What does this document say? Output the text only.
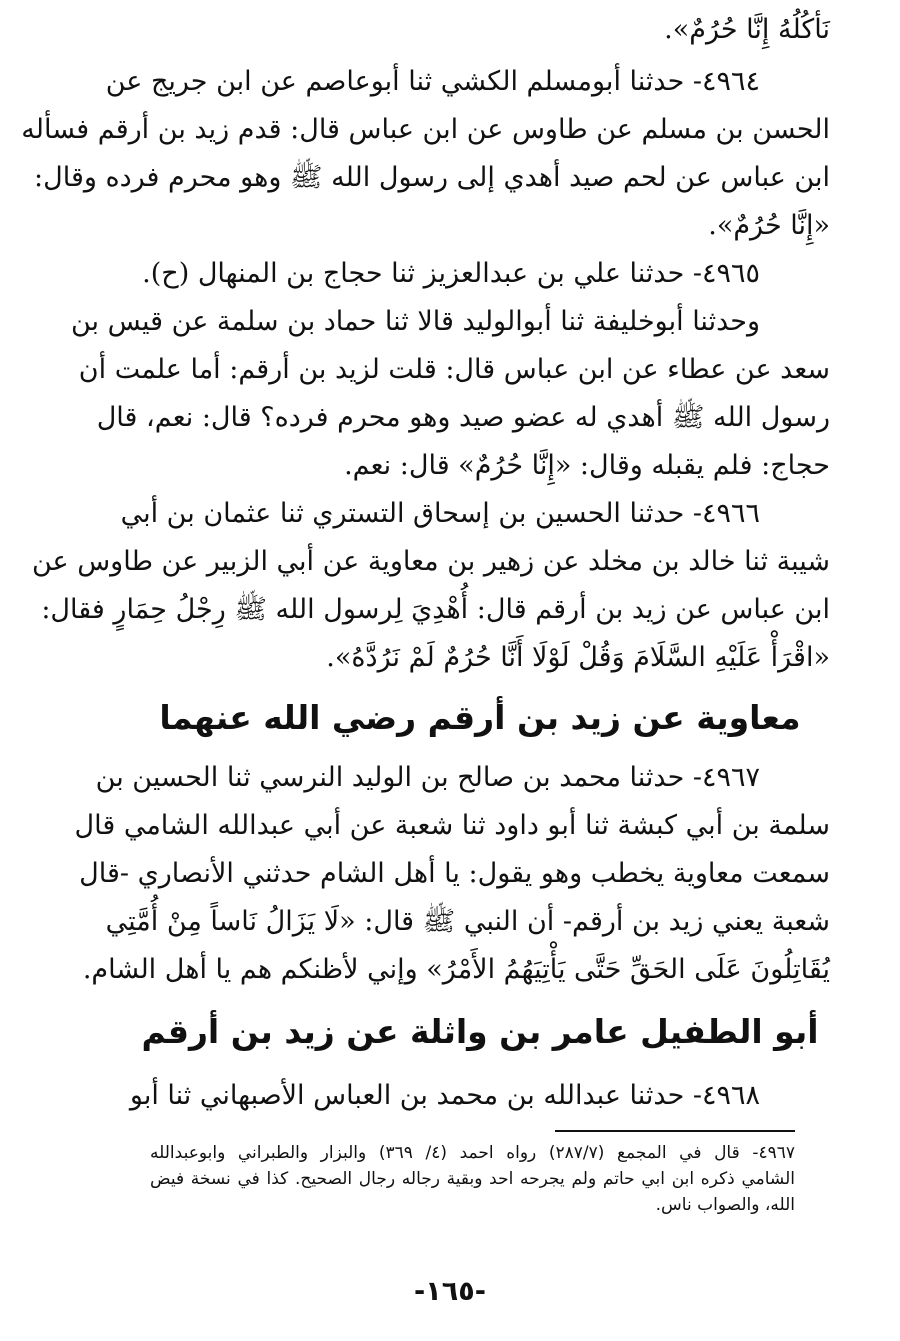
نَأكُلُهُ إِنَّا حُرُمٌ».
٤٩٦٤- حدثنا أبومسلم الكشي ثنا أبوعاصم عن ابن جريج عن
الحسن بن مسلم عن طاوس عن ابن عباس قال: قدم زيد بن أرقم فسأله
ابن عباس عن لحم صيد أهدي إلى رسول الله ﷺ وهو محرم فرده وقال:
«إِنَّا حُرُمٌ».
٤٩٦٥- حدثنا علي بن عبدالعزيز ثنا حجاج بن المنهال (ح).
وحدثنا أبوخليفة ثنا أبوالوليد قالا ثنا حماد بن سلمة عن قيس بن
سعد عن عطاء عن ابن عباس قال: قلت لزيد بن أرقم: أما علمت أن
رسول الله ﷺ أهدي له عضو صيد وهو محرم فرده؟ قال: نعم، قال
حجاج: فلم يقبله وقال: «إِنَّا حُرُمٌ» قال: نعم.
٤٩٦٦- حدثنا الحسين بن إسحاق التستري ثنا عثمان بن أبي
شيبة ثنا خالد بن مخلد عن زهير بن معاوية عن أبي الزبير عن طاوس عن
ابن عباس عن زيد بن أرقم قال: أُهْدِيَ لِرسول الله ﷺ رِجْلُ حِمَارٍ فقال:
«اقْرَأْ عَلَيْهِ السَّلَامَ وَقُلْ لَوْلَا أَنَّا حُرُمٌ لَمْ نَرُدَّهُ».
معاوية عن زيد بن أرقم رضي الله عنهما
٤٩٦٧- حدثنا محمد بن صالح بن الوليد النرسي ثنا الحسين بن
سلمة بن أبي كبشة ثنا أبو داود ثنا شعبة عن أبي عبدالله الشامي قال
سمعت معاوية يخطب وهو يقول: يا أهل الشام حدثني الأنصاري -قال
شعبة يعني زيد بن أرقم- أن النبي ﷺ قال: «لَا يَزَالُ نَاساً مِنْ أُمَّتِي
يُقَاتِلُونَ عَلَى الحَقِّ حَتَّى يَأْتِيَهُمُ الأَمْرُ» وإني لأظنكم هم يا أهل الشام.
أبو الطفيل عامر بن واثلة عن زيد بن أرقم
٤٩٦٨- حدثنا عبدالله بن محمد بن العباس الأصبهاني ثنا أبو
٤٩٦٧- قال في المجمع (٢٨٧/٧) رواه احمد (٤/ ٣٦٩) والبزار والطبراني وابوعبدالله
الشامي ذكره ابن ابي حاتم ولم يجرحه احد وبقية رجاله رجال الصحيح. كذا في نسخة فيض
الله، والصواب ناس.
-١٦٥-
